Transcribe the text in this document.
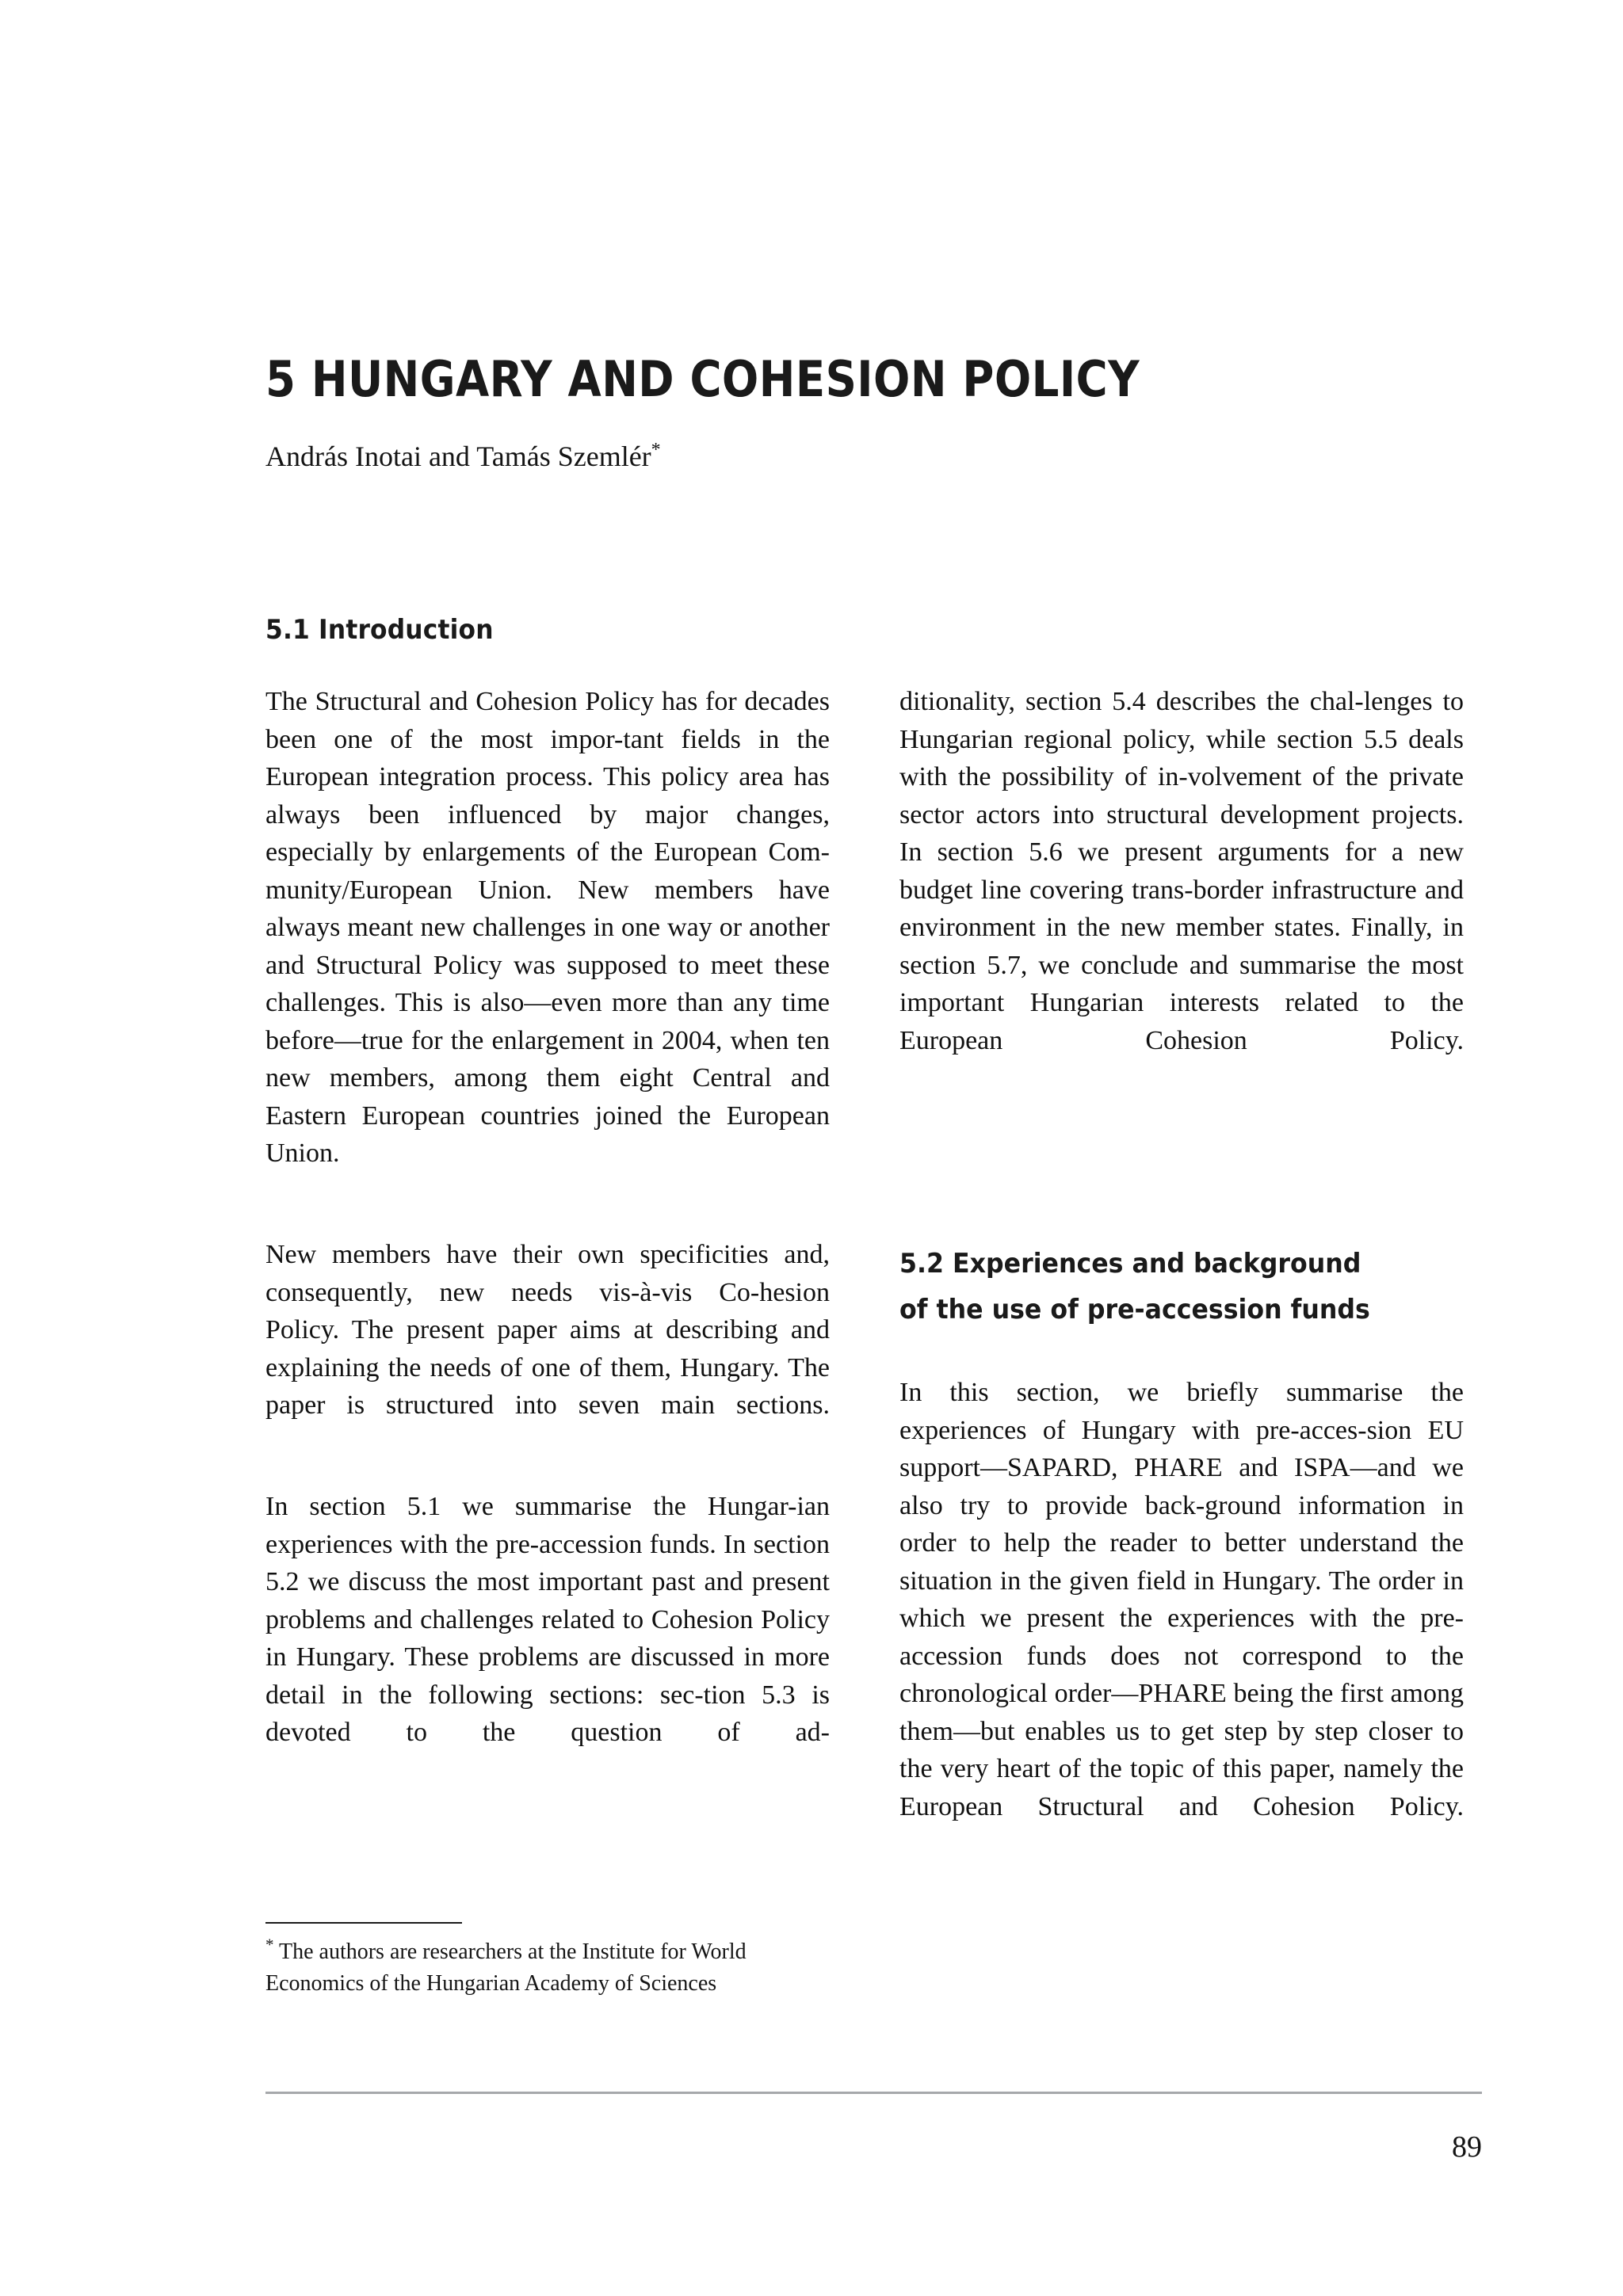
5 HUNGARY AND COHESION POLICY
András Inotai and Tamás Szemlér*
5.1 Introduction

The Structural and Cohesion Policy has for decades been one of the most impor-tant fields in the European integration process. This policy area has always been influenced by major changes, especially by enlargements of the European Com-munity/European Union. New members have always meant new challenges in one way or another and Structural Policy was supposed to meet these challenges. This is also—even more than any time before—true for the enlargement in 2004, when ten new members, among them eight Central and Eastern European countries joined the European Union.

New members have their own specificities and, consequently, new needs vis-à-vis Co-hesion Policy. The present paper aims at describing and explaining the needs of one of them, Hungary. The paper is structured into seven main sections.

In section 5.1 we summarise the Hungar-ian experiences with the pre-accession funds. In section 5.2 we discuss the most important past and present problems and challenges related to Cohesion Policy in Hungary. These problems are discussed in more detail in the following sections: sec-tion 5.3 is devoted to the question of ad-

ditionality, section 5.4 describes the chal-lenges to Hungarian regional policy, while section 5.5 deals with the possibility of in-volvement of the private sector actors into structural development projects. In section 5.6 we present arguments for a new budget line covering trans-border infrastructure and environment in the new member states. Finally, in section 5.7, we conclude and summarise the most important Hungarian interests related to the European Cohesion Policy.

5.2 Experiences and background
of the use of pre-accession funds

In this section, we briefly summarise the experiences of Hungary with pre-acces-sion EU support—SAPARD, PHARE and ISPA—and we also try to provide back-ground information in order to help the reader to better understand the situation in the given field in Hungary. The order in which we present the experiences with the pre-accession funds does not correspond to the chronological order—PHARE being the first among them—but enables us to get step by step closer to the very heart of the topic of this paper, namely the European Structural and Cohesion Policy.

* The authors are researchers at the Institute for World Economics of the Hungarian Academy of Sciences
89
